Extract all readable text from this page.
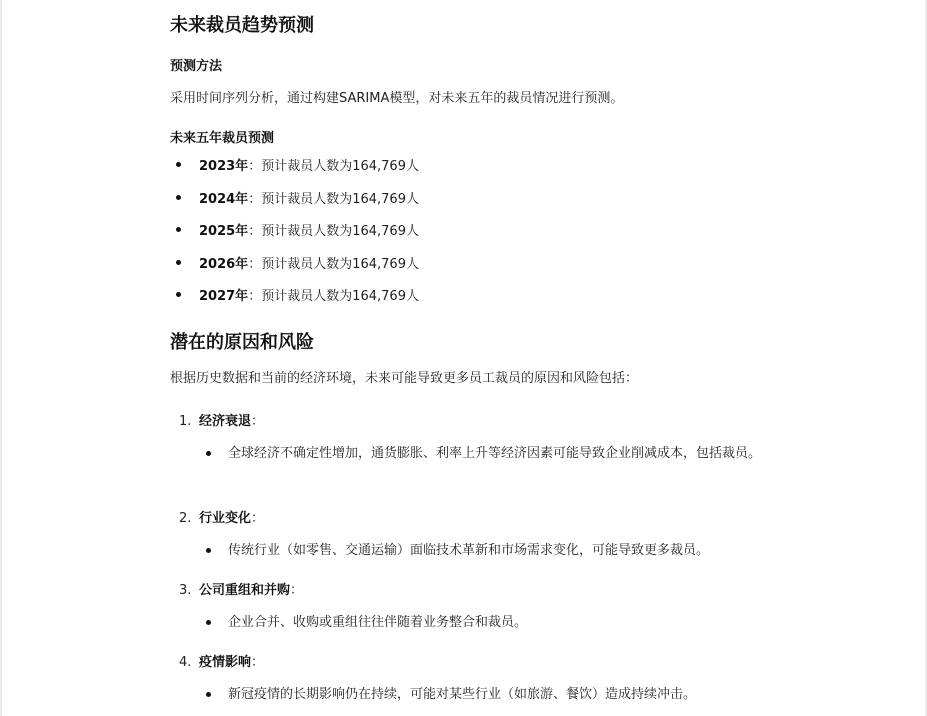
未来裁员趋势预测
预测方法

采用时间序列分析，通过构建SARIMA模型，对未来五年的裁员情况进行预测。

未来五年裁员预测
2023年：预计裁员人数为164,769人
2024年：预计裁员人数为164,769人
2025年：预计裁员人数为164,769人
2026年：预计裁员人数为164,769人
2027年：预计裁员人数为164,769人
潜在的原因和风险

根据历史数据和当前的经济环境，未来可能导致更多员工裁员的原因和风险包括：

1. 经济衰退：
全球经济不确定性增加，通货膨胀、利率上升等经济因素可能导致企业削减成本，包括裁员。
2. 行业变化：
传统行业（如零售、交通运输）面临技术革新和市场需求变化，可能导致更多裁员。
3. 公司重组和并购：
企业合并、收购或重组往往伴随着业务整合和裁员。
4. 疫情影响：
新冠疫情的长期影响仍在持续，可能对某些行业（如旅游、餐饮）造成持续冲击。
